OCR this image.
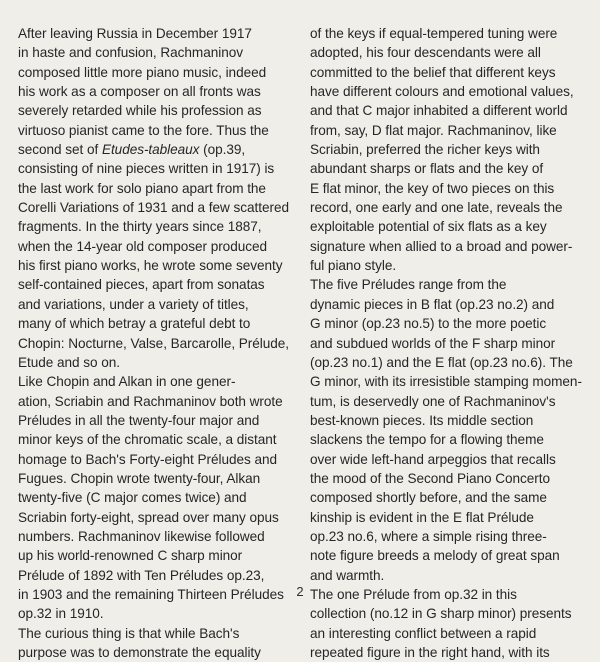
After leaving Russia in December 1917
in haste and confusion, Rachmaninov
composed little more piano music, indeed
his work as a composer on all fronts was
severely retarded while his profession as
virtuoso pianist came to the fore. Thus the
second set of Etudes-tableaux (op.39,
consisting of nine pieces written in 1917) is
the last work for solo piano apart from the
Corelli Variations of 1931 and a few scattered
fragments. In the thirty years since 1887,
when the 14-year old composer produced
his first piano works, he wrote some seventy
self-contained pieces, apart from sonatas
and variations, under a variety of titles,
many of which betray a grateful debt to
Chopin: Nocturne, Valse, Barcarolle, Prélude,
Etude and so on.
Like Chopin and Alkan in one gener-
ation, Scriabin and Rachmaninov both wrote
Préludes in all the twenty-four major and
minor keys of the chromatic scale, a distant
homage to Bach's Forty-eight Préludes and
Fugues. Chopin wrote twenty-four, Alkan
twenty-five (C major comes twice) and
Scriabin forty-eight, spread over many opus
numbers. Rachmaninov likewise followed
up his world-renowned C sharp minor
Prélude of 1892 with Ten Préludes op.23,
in 1903 and the remaining Thirteen Préludes
op.32 in 1910.
The curious thing is that while Bach's
purpose was to demonstrate the equality

of the keys if equal-tempered tuning were
adopted, his four descendants were all
committed to the belief that different keys
have different colours and emotional values,
and that C major inhabited a different world
from, say, D flat major. Rachmaninov, like
Scriabin, preferred the richer keys with
abundant sharps or flats and the key of
E flat minor, the key of two pieces on this
record, one early and one late, reveals the
exploitable potential of six flats as a key
signature when allied to a broad and power-
ful piano style.
The five Préludes range from the
dynamic pieces in B flat (op.23 no.2) and
G minor (op.23 no.5) to the more poetic
and subdued worlds of the F sharp minor
(op.23 no.1) and the E flat (op.23 no.6). The
G minor, with its irresistible stamping momen-
tum, is deservedly one of Rachmaninov's
best-known pieces. Its middle section
slackens the tempo for a flowing theme
over wide left-hand arpeggios that recalls
the mood of the Second Piano Concerto
composed shortly before, and the same
kinship is evident in the E flat Prélude
op.23 no.6, where a simple rising three-
note figure breeds a melody of great span
and warmth.
The one Prélude from op.32 in this
collection (no.12 in G sharp minor) presents
an interesting conflict between a rapid
repeated figure in the right hand, with its

2
